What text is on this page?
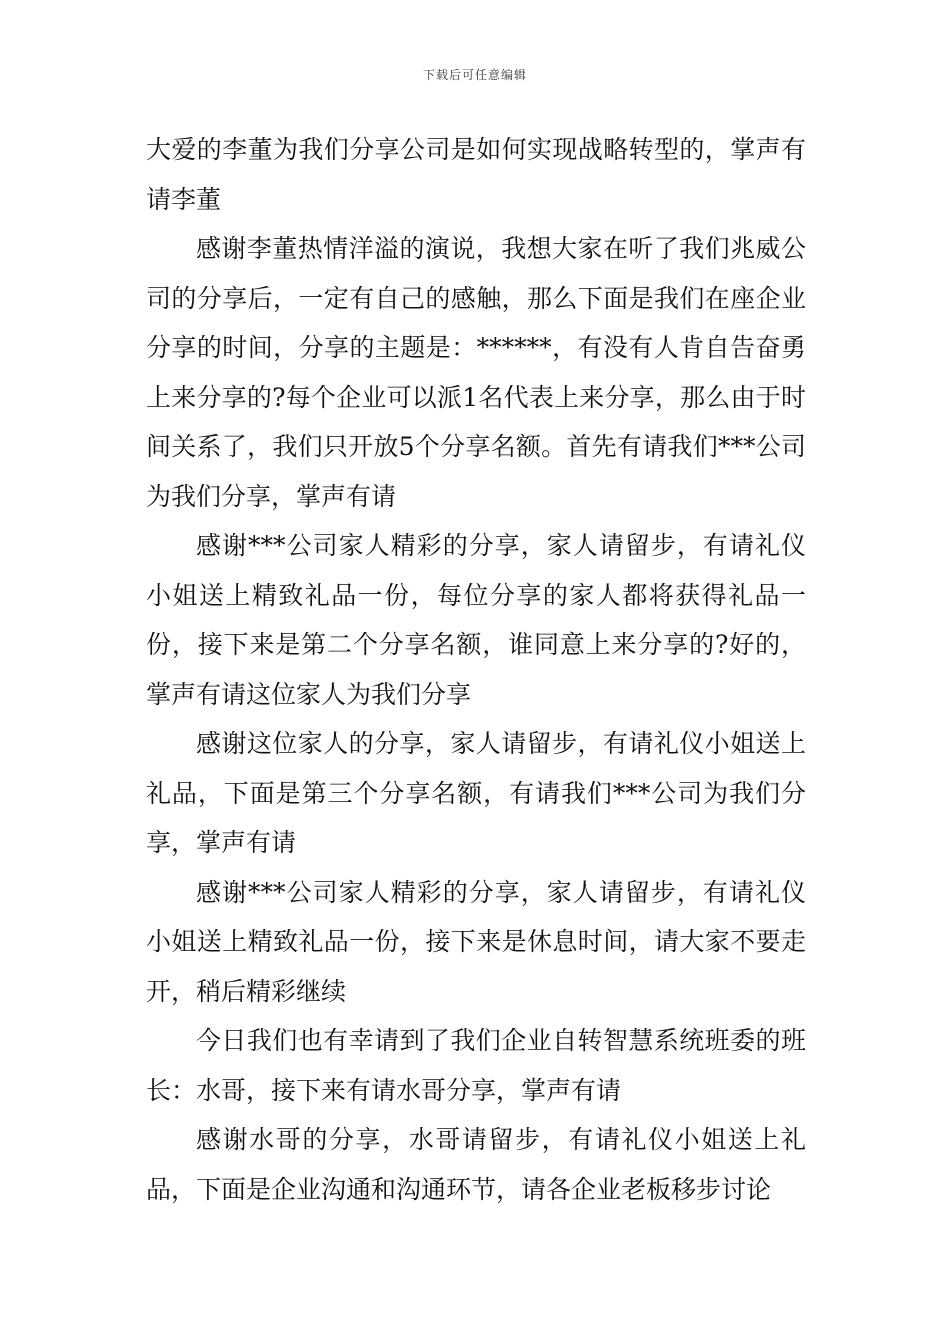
下载后可任意编辑

大爱的李董为我们分享公司是如何实现战略转型的，掌声有请李董

感谢李董热情洋溢的演说，我想大家在听了我们兆威公司的分享后，一定有自己的感触，那么下面是我们在座企业分享的时间，分享的主题是：******，有没有人肯自告奋勇上来分享的?每个企业可以派1名代表上来分享，那么由于时间关系了，我们只开放5个分享名额。首先有请我们***公司为我们分享，掌声有请

感谢***公司家人精彩的分享，家人请留步，有请礼仪小姐送上精致礼品一份，每位分享的家人都将获得礼品一份，接下来是第二个分享名额，谁同意上来分享的?好的，掌声有请这位家人为我们分享

感谢这位家人的分享，家人请留步，有请礼仪小姐送上礼品，下面是第三个分享名额，有请我们***公司为我们分享，掌声有请

感谢***公司家人精彩的分享，家人请留步，有请礼仪小姐送上精致礼品一份，接下来是休息时间，请大家不要走开，稍后精彩继续

今日我们也有幸请到了我们企业自转智慧系统班委的班长：水哥，接下来有请水哥分享，掌声有请

感谢水哥的分享，水哥请留步，有请礼仪小姐送上礼品，下面是企业沟通和沟通环节，请各企业老板移步讨论
